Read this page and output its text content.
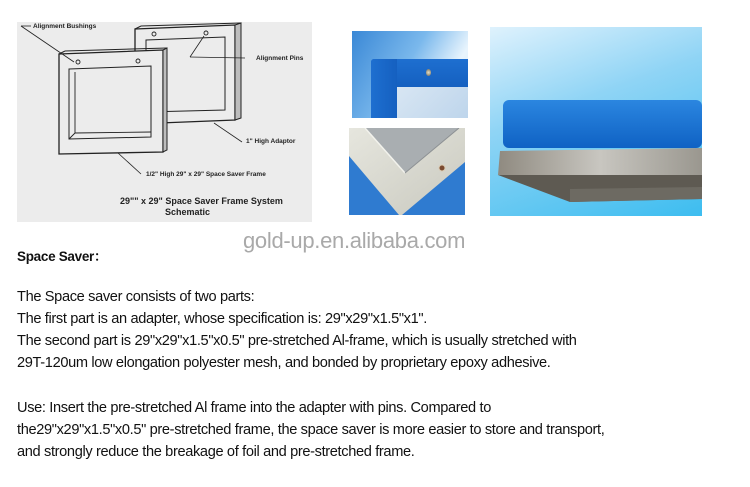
Alignment Bushings
Alignment Pins
1" High Adaptor
1/2" High 29" x 29" Space Saver Frame
29"" x 29" Space Saver Frame System
Schematic
gold-up.en.alibaba.com
Space Saver：
The Space saver consists of two parts:
The first part is an adapter, whose specification is: 29"x29"x1.5"x1".
The second part is 29"x29"x1.5"x0.5" pre-stretched Al-frame, which is usually stretched with
29T-120um low elongation polyester mesh, and bonded by proprietary epoxy adhesive.
Use: Insert the pre-stretched Al frame into the adapter with pins. Compared to
the29"x29"x1.5"x0.5" pre-stretched frame, the space saver is more easier to store and transport,
and strongly reduce the breakage of foil and pre-stretched frame.
